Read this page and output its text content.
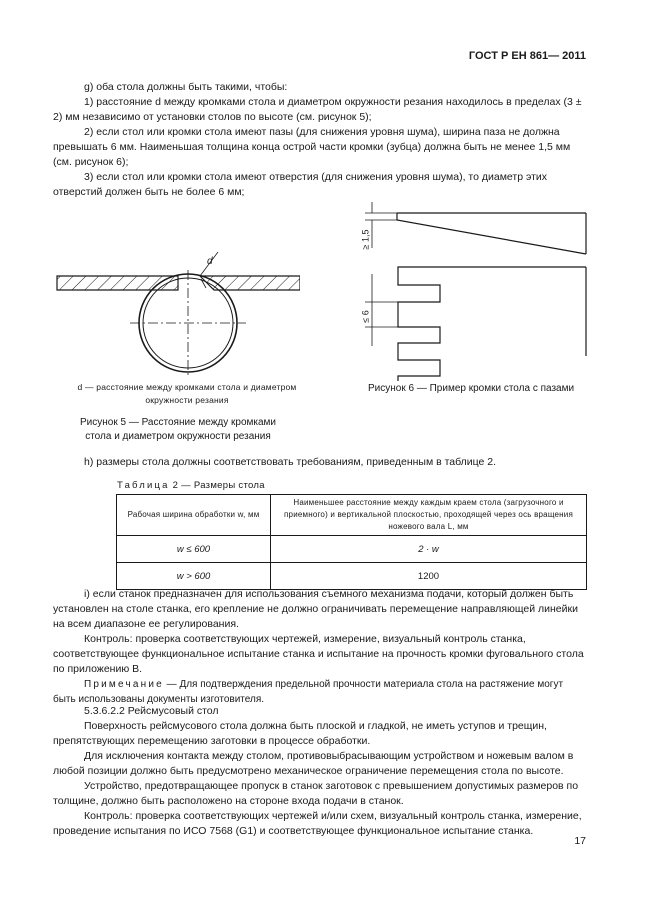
ГОСТ Р ЕН 861— 2011

g) оба стола должны быть такими, чтобы:

1) расстояние d между кромками стола и диаметром окружности резания находилось в пределах (3 ± 2) мм независимо от установки столов по высоте (см. рисунок 5);

2) если стол или кромки стола имеют пазы (для снижения уровня шума), ширина паза не должна превышать 6 мм. Наименьшая толщина конца острой части кромки (зубца) должна быть не менее 1,5 мм (см. рисунок 6);

3) если стол или кромки стола имеют отверстия (для снижения уровня шума), то диаметр этих отверстий должен быть не более 6 мм;

d
d — расстояние между кромками стола и диаметром окружности резания
Рисунок 5 — Расстояние между кромками стола и диаметром окружности резания
≥ 1,5
≤ 6
Рисунок 6 — Пример кромки стола с пазами

h) размеры стола должны соответствовать требованиям, приведенным в таблице 2.

Таблица 2 — Размеры стола
Рабочая ширина обработки w, мм	Наименьшее расстояние между каждым краем стола (загрузочного и приемного) и вертикальной плоскостью, проходящей через ось вращения ножевого вала L, мм
w ≤ 600	2 · w
w > 600	1200

i) если станок предназначен для использования съемного механизма подачи, который должен быть установлен на столе станка, его крепление не должно ограничивать перемещение направляющей линейки на всем диапазоне ее регулирования.

Контроль: проверка соответствующих чертежей, измерение, визуальный контроль станка, соответствующее функциональное испытание станка и испытание на прочность кромки фуговального стола по приложению В.

Примечание — Для подтверждения предельной прочности материала стола на растяжение могут быть использованы документы изготовителя.

5.3.6.2.2 Рейсмусовый стол

Поверхность рейсмусового стола должна быть плоской и гладкой, не иметь уступов и трещин, препятствующих перемещению заготовки в процессе обработки.

Для исключения контакта между столом, противовыбрасывающим устройством и ножевым валом в любой позиции должно быть предусмотрено механическое ограничение перемещения стола по высоте.

Устройство, предотвращающее пропуск в станок заготовок с превышением допустимых размеров по толщине, должно быть расположено на стороне входа подачи в станок.

Контроль: проверка соответствующих чертежей и/или схем, визуальный контроль станка, измерение, проведение испытания по ИСО 7568 (G1) и соответствующее функциональное испытание станка.

17
